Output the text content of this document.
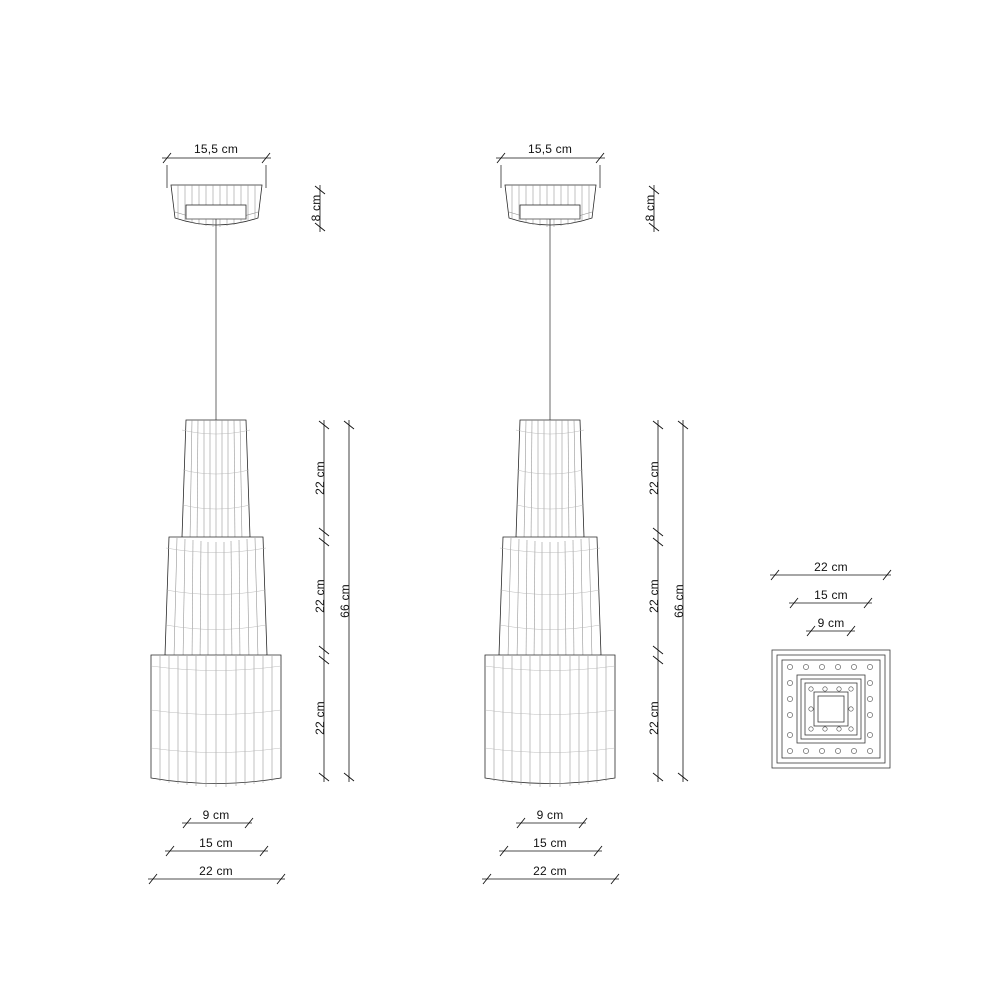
15,5 cm	15,5 cm
8 cm	8 cm
22 cm
22 cm
22 cm
66 cm
22 cm
22 cm
22 cm
66 cm
9 cm
15 cm
22 cm
9 cm
15 cm
22 cm
22 cm
15 cm
9 cm
